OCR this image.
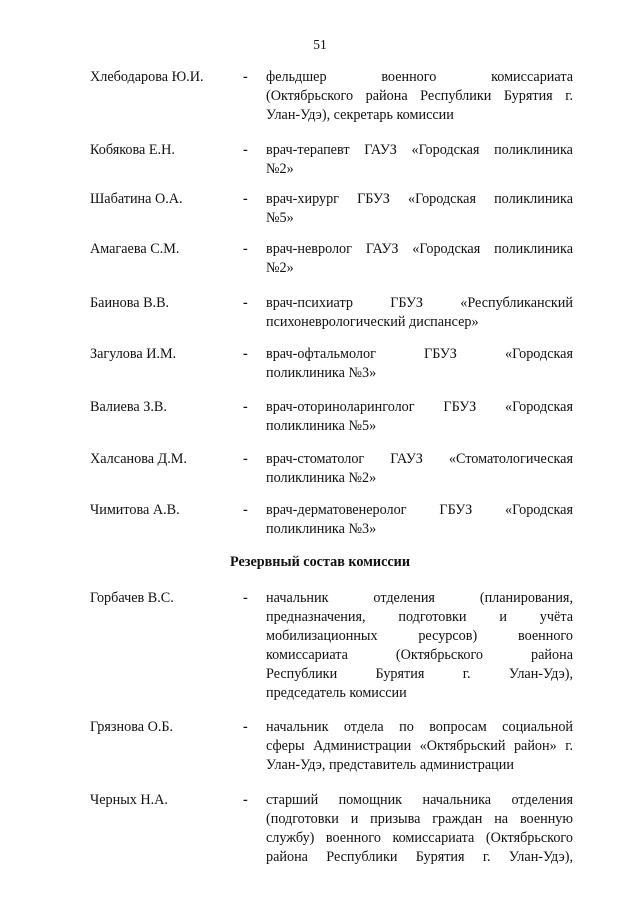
51
Хлебодарова Ю.И.	- фельдшер военного комиссариата
(Октябрьского района Республики Бурятия г.
Улан-Удэ), секретарь комиссии
Кобякова Е.Н.	- врач-терапевт ГАУЗ «Городская поликлиника
№2»
Шабатина О.А.	- врач-хирург ГБУЗ «Городская поликлиника
№5»
Амагаева С.М.	- врач-невролог ГАУЗ «Городская поликлиника
№2»
Баинова В.В.	- врач-психиатр ГБУЗ «Республиканский
психоневрологический диспансер»
Загулова И.М.	- врач-офтальмолог ГБУЗ «Городская
поликлиника №3»
Валиева З.В.	- врач-оториноларинголог ГБУЗ «Городская
поликлиника №5»
Халсанова Д.М.	- врач-стоматолог ГАУЗ «Стоматологическая
поликлиника №2»
Чимитова А.В.	- врач-дерматовенеролог ГБУЗ «Городская
поликлиника №3»
Резервный состав комиссии
Горбачев В.С.	- начальник отделения (планирования,
предназначения, подготовки и учёта
мобилизационных ресурсов) военного
комиссариата (Октябрьского района
Республики Бурятия г. Улан-Удэ),
председатель комиссии
Грязнова О.Б.	- начальник отдела по вопросам социальной
сферы Администрации «Октябрьский район» г.
Улан-Удэ, представитель администрации
Черных Н.А.	- старший помощник начальника отделения
(подготовки и призыва граждан на военную
службу) военного комиссариата (Октябрьского
района Республики Бурятия г. Улан-Удэ),
